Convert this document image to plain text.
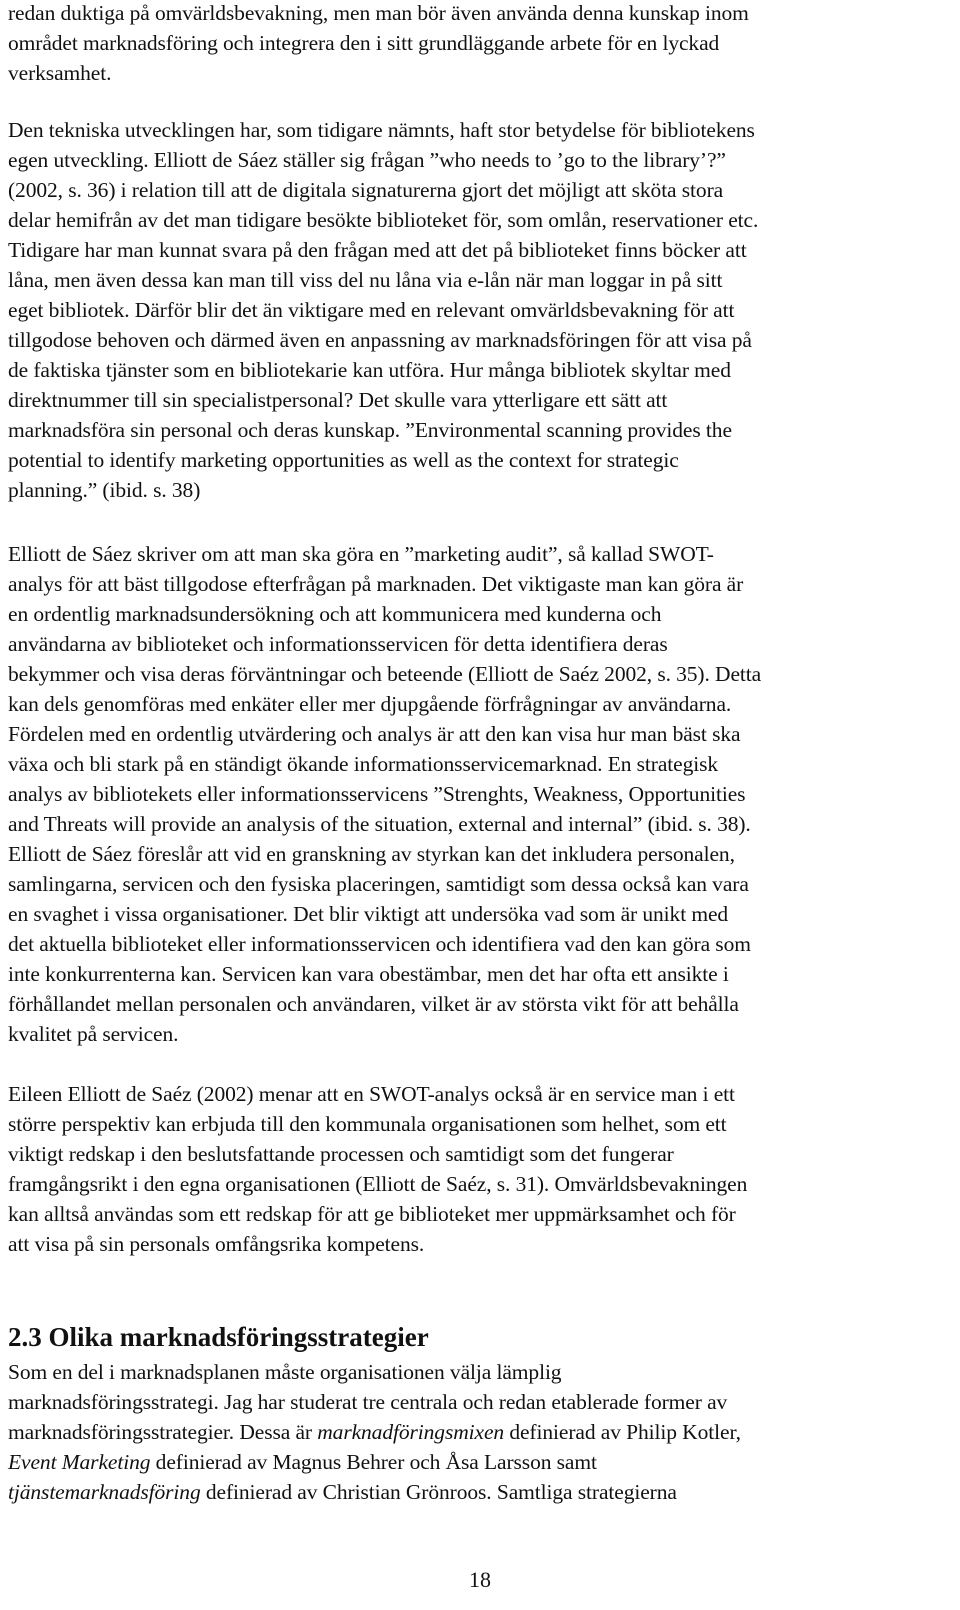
redan duktiga på omvärldsbevakning, men man bör även använda denna kunskap inom
området marknadsföring och integrera den i sitt grundläggande arbete för en lyckad
verksamhet.

Den tekniska utvecklingen har, som tidigare nämnts, haft stor betydelse för bibliotekens
egen utveckling. Elliott de Sáez ställer sig frågan ”who needs to ’go to the library’?”
(2002, s. 36) i relation till att de digitala signaturerna gjort det möjligt att sköta stora
delar hemifrån av det man tidigare besökte biblioteket för, som omlån, reservationer etc.
Tidigare har man kunnat svara på den frågan med att det på biblioteket finns böcker att
låna, men även dessa kan man till viss del nu låna via e-lån när man loggar in på sitt
eget bibliotek. Därför blir det än viktigare med en relevant omvärldsbevakning för att
tillgodose behoven och därmed även en anpassning av marknadsföringen för att visa på
de faktiska tjänster som en bibliotekarie kan utföra. Hur många bibliotek skyltar med
direktnummer till sin specialistpersonal? Det skulle vara ytterligare ett sätt att
marknadsföra sin personal och deras kunskap. ”Environmental scanning provides the
potential to identify marketing opportunities as well as the context for strategic
planning.” (ibid. s. 38)

Elliott de Sáez skriver om att man ska göra en ”marketing audit”, så kallad SWOT-
analys för att bäst tillgodose efterfrågan på marknaden. Det viktigaste man kan göra är
en ordentlig marknadsundersökning och att kommunicera med kunderna och
användarna av biblioteket och informationsservicen för detta identifiera deras
bekymmer och visa deras förväntningar och beteende (Elliott de Saéz 2002, s. 35). Detta
kan dels genomföras med enkäter eller mer djupgående förfrågningar av användarna.
Fördelen med en ordentlig utvärdering och analys är att den kan visa hur man bäst ska
växa och bli stark på en ständigt ökande informationsservicemarknad. En strategisk
analys av bibliotekets eller informationsservicens ”Strenghts, Weakness, Opportunities
and Threats will provide an analysis of the situation, external and internal” (ibid. s. 38).
Elliott de Sáez föreslår att vid en granskning av styrkan kan det inkludera personalen,
samlingarna, servicen och den fysiska placeringen, samtidigt som dessa också kan vara
en svaghet i vissa organisationer. Det blir viktigt att undersöka vad som är unikt med
det aktuella biblioteket eller informationsservicen och identifiera vad den kan göra som
inte konkurrenterna kan. Servicen kan vara obestämbar, men det har ofta ett ansikte i
förhållandet mellan personalen och användaren, vilket är av största vikt för att behålla
kvalitet på servicen.

Eileen Elliott de Saéz (2002) menar att en SWOT-analys också är en service man i ett
större perspektiv kan erbjuda till den kommunala organisationen som helhet, som ett
viktigt redskap i den beslutsfattande processen och samtidigt som det fungerar
framgångsrikt i den egna organisationen (Elliott de Saéz, s. 31). Omvärldsbevakningen
kan alltså användas som ett redskap för att ge biblioteket mer uppmärksamhet och för
att visa på sin personals omfångsrika kompetens.

2.3 Olika marknadsföringsstrategier

Som en del i marknadsplanen måste organisationen välja lämplig
marknadsföringsstrategi. Jag har studerat tre centrala och redan etablerade former av
marknadsföringsstrategier. Dessa är marknadföringsmixen definierad av Philip Kotler,
Event Marketing definierad av Magnus Behrer och Åsa Larsson samt
tjänstemarknadsföring definierad av Christian Grönroos. Samtliga strategierna

18
